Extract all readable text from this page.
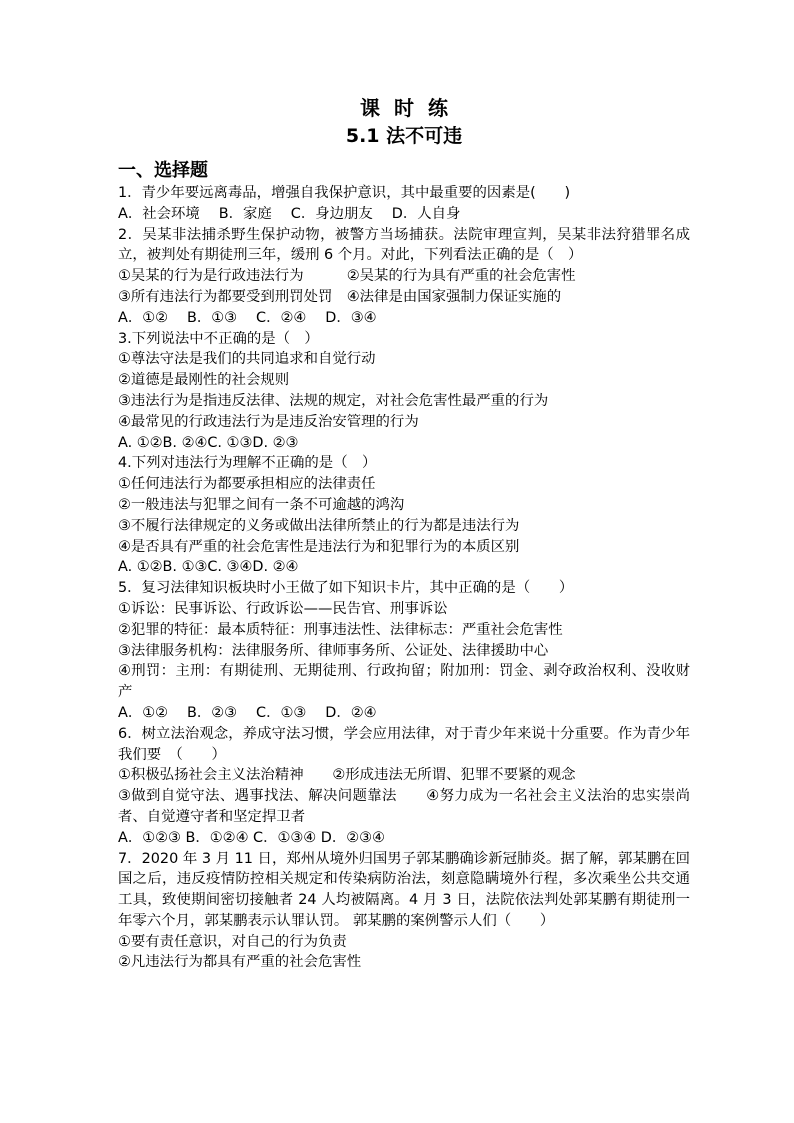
课时练
5.1 法不可违
一、选择题
1．青少年要远离毒品，增强自我保护意识，其中最重要的因素是(　　)
A．社会环境　 B．家庭　 C．身边朋友　 D．人自身
2．吴某非法捕杀野生保护动物，被警方当场捕获。法院审理宣判，吴某非法狩猎罪名成立，被判处有期徒刑三年，缓刑 6 个月。对此，下列看法正确的是（　）
①吴某的行为是行政违法行为　　　②吴某的行为具有严重的社会危害性
③所有违法行为都要受到刑罚处罚　④法律是由国家强制力保证实施的
A．①②　 B．①③　 C．②④　 D．③④
3.下列说法中不正确的是（　）
①尊法守法是我们的共同追求和自觉行动
②道德是最刚性的社会规则
③违法行为是指违反法律、法规的规定，对社会危害性最严重的行为
④最常见的行政违法行为是违反治安管理的行为
A. ①②B. ②④C. ①③D. ②③
4.下列对违法行为理解不正确的是（　）
①任何违法行为都要承担相应的法律责任
②一般违法与犯罪之间有一条不可逾越的鸿沟
③不履行法律规定的义务或做出法律所禁止的行为都是违法行为
④是否具有严重的社会危害性是违法行为和犯罪行为的本质区别
A. ①②B. ①③C. ③④D. ②④
5．复习法律知识板块时小王做了如下知识卡片，其中正确的是（　　）
①诉讼：民事诉讼、行政诉讼——民告官、刑事诉讼
②犯罪的特征：最本质特征：刑事违法性、法律标志：严重社会危害性
③法律服务机构：法律服务所、律师事务所、公证处、法律援助中心
④刑罚：主刑：有期徒刑、无期徒刑、行政拘留；附加刑：罚金、剥夺政治权利、没收财产
A．①②　 B．②③　 C．①③　 D．②④
6．树立法治观念，养成守法习惯，学会应用法律，对于青少年来说十分重要。作为青少年我们要　（　　）
①积极弘扬社会主义法治精神　　②形成违法无所谓、犯罪不要紧的观念
③做到自觉守法、遇事找法、解决问题靠法　　④努力成为一名社会主义法治的忠实崇尚者、自觉遵守者和坚定捍卫者
A．①②③ B．①②④ C．①③④ D．②③④
7．2020 年 3 月 11 日，郑州从境外归国男子郭某鹏确诊新冠肺炎。据了解，郭某鹏在回国之后，违反疫情防控相关规定和传染病防治法，刻意隐瞒境外行程，多次乘坐公共交通工具，致使期间密切接触者 24 人均被隔离。4 月 3 日，法院依法判处郭某鹏有期徒刑一年零六个月，郭某鹏表示认罪认罚。 郭某鹏的案例警示人们（　　）
①要有责任意识，对自己的行为负责
②凡违法行为都具有严重的社会危害性
